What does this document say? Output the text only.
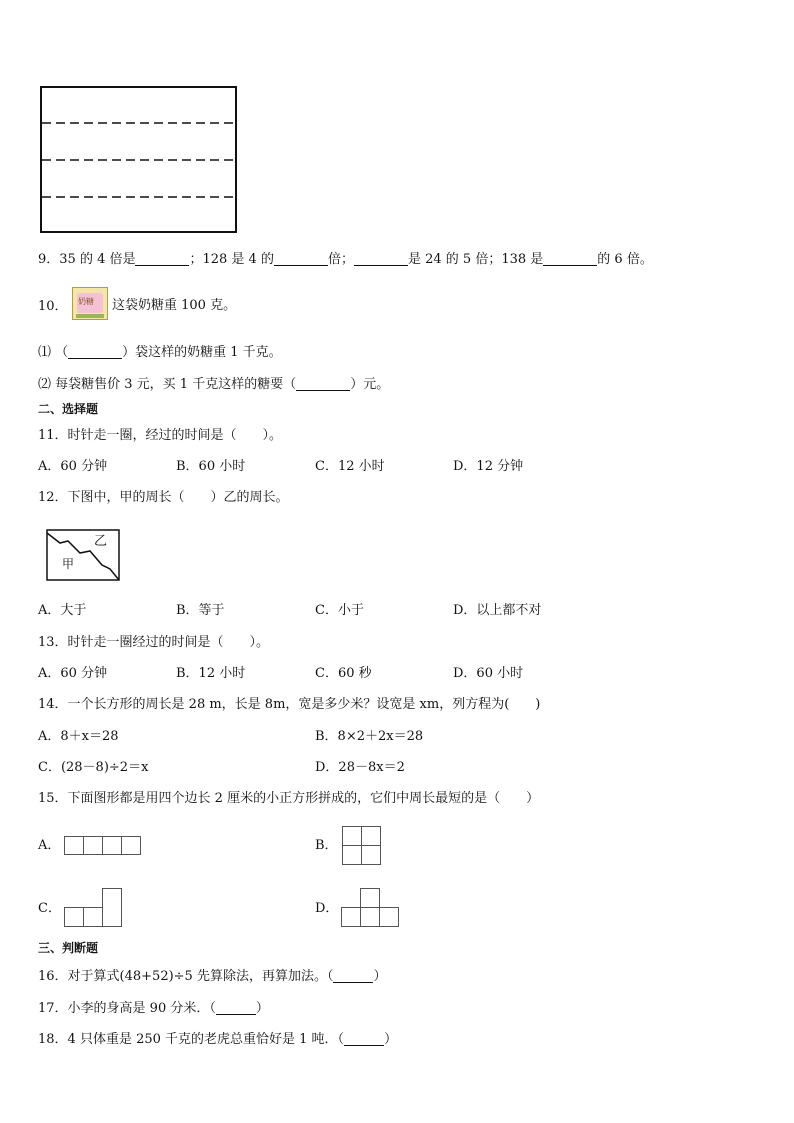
9．35 的 4 倍是	；128 是 4 的	倍；	是 24 的 5 倍；138 是	的 6 倍。
10． 奶糖 这袋奶糖重 100 克。
⑴ （	）袋这样的奶糖重 1 千克。
⑵ 每袋糖售价 3 元，买 1 千克这样的糖要（	）元。
二、选择题
11．时针走一圈，经过的时间是（　　）。
A．60 分钟	B．60 小时	C．12 小时	D．12 分钟
12．下图中，甲的周长（　　）乙的周长。
乙
甲
A．大于	B．等于	C．小于	D．以上都不对
13．时针走一圈经过的时间是（　　）。
A．60 分钟	B．12 小时	C．60 秒	D．60 小时
14．一个长方形的周长是 28 m，长是 8m，宽是多少米？设宽是 xm，列方程为(　　)
A．8＋x＝28	B．8×2＋2x＝28
C．(28－8)÷2＝x	D．28－8x＝2
15．下面图形都是用四个边长 2 厘米的小正方形拼成的，它们中周长最短的是（　　）
A．	B．
C．	D．
三、判断题
16．对于算式(48+52)÷5 先算除法，再算加法。（	）
17．小李的身高是 90 分米．（	）
18．4 只体重是 250 千克的老虎总重恰好是 1 吨．（	）
